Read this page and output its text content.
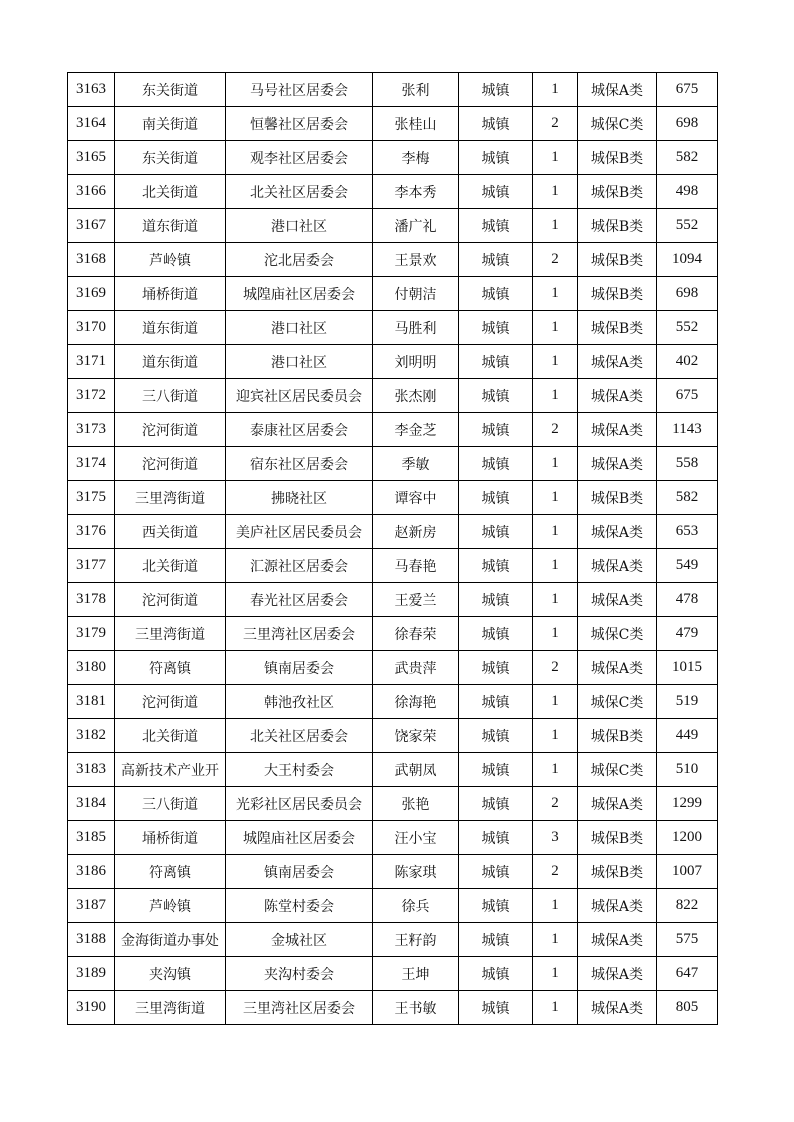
3163	东关街道	马号社区居委会	张利	城镇	1	城保A类	675
3164	南关街道	恒馨社区居委会	张桂山	城镇	2	城保C类	698
3165	东关街道	观李社区居委会	李梅	城镇	1	城保B类	582
3166	北关街道	北关社区居委会	李本秀	城镇	1	城保B类	498
3167	道东街道	港口社区	潘广礼	城镇	1	城保B类	552
3168	芦岭镇	沱北居委会	王景欢	城镇	2	城保B类	1094
3169	埇桥街道	城隍庙社区居委会	付朝洁	城镇	1	城保B类	698
3170	道东街道	港口社区	马胜利	城镇	1	城保B类	552
3171	道东街道	港口社区	刘明明	城镇	1	城保A类	402
3172	三八街道	迎宾社区居民委员会	张杰刚	城镇	1	城保A类	675
3173	沱河街道	泰康社区居委会	李金芝	城镇	2	城保A类	1143
3174	沱河街道	宿东社区居委会	季敏	城镇	1	城保A类	558
3175	三里湾街道	拂晓社区	谭容中	城镇	1	城保B类	582
3176	西关街道	美庐社区居民委员会	赵新房	城镇	1	城保A类	653
3177	北关街道	汇源社区居委会	马春艳	城镇	1	城保A类	549
3178	沱河街道	春光社区居委会	王爱兰	城镇	1	城保A类	478
3179	三里湾街道	三里湾社区居委会	徐春荣	城镇	1	城保C类	479
3180	符离镇	镇南居委会	武贵萍	城镇	2	城保A类	1015
3181	沱河街道	韩池孜社区	徐海艳	城镇	1	城保C类	519
3182	北关街道	北关社区居委会	饶家荣	城镇	1	城保B类	449
3183	高新技术产业开	大王村委会	武朝凤	城镇	1	城保C类	510
3184	三八街道	光彩社区居民委员会	张艳	城镇	2	城保A类	1299
3185	埇桥街道	城隍庙社区居委会	汪小宝	城镇	3	城保B类	1200
3186	符离镇	镇南居委会	陈家琪	城镇	2	城保B类	1007
3187	芦岭镇	陈堂村委会	徐兵	城镇	1	城保A类	822
3188	金海街道办事处	金城社区	王籽韵	城镇	1	城保A类	575
3189	夹沟镇	夹沟村委会	王坤	城镇	1	城保A类	647
3190	三里湾街道	三里湾社区居委会	王书敏	城镇	1	城保A类	805
